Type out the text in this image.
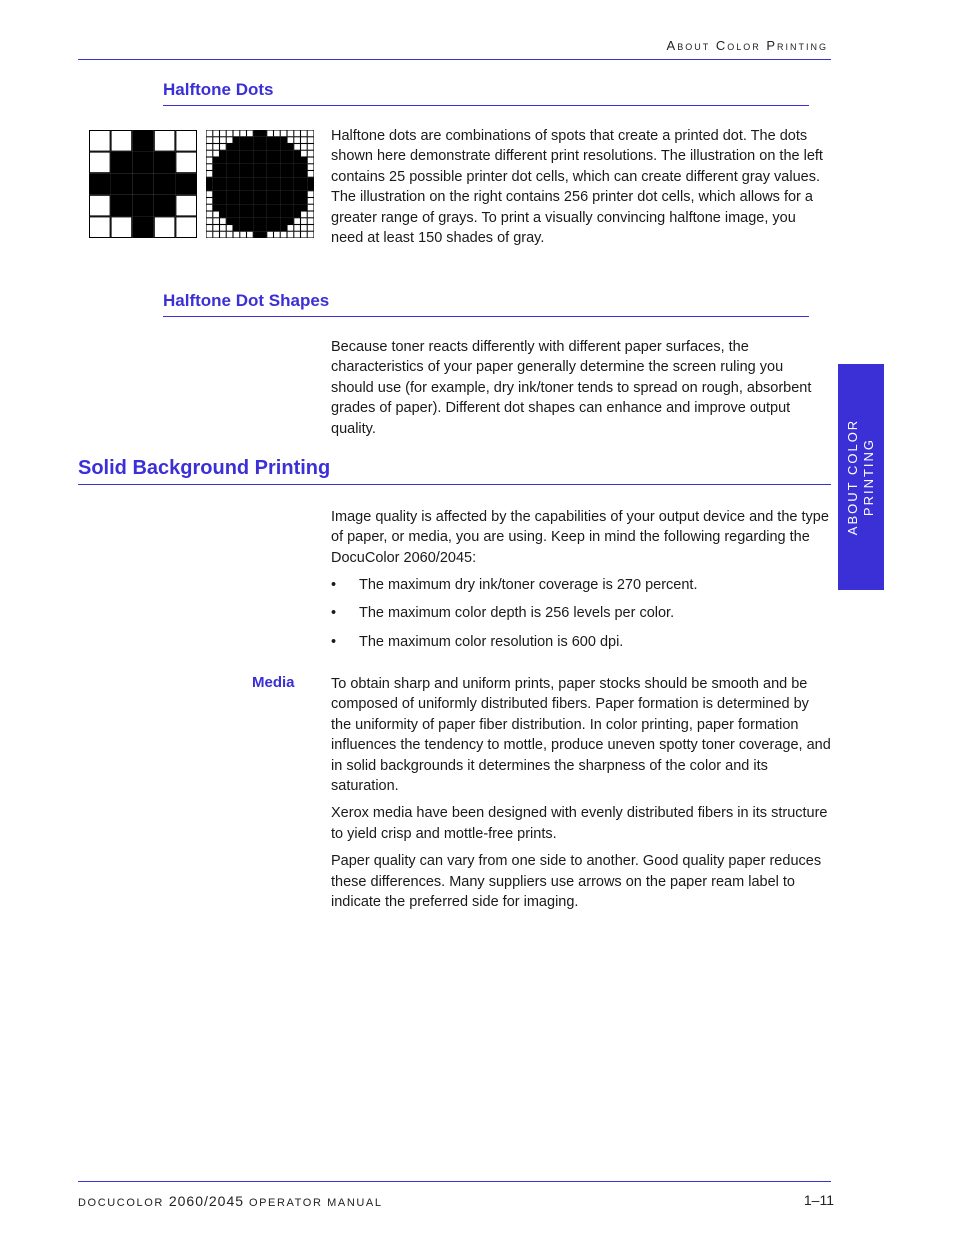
About Color Printing
Halftone Dots

Halftone dots are combinations of spots that create a printed dot. The dots shown here demonstrate different print resolutions. The illustration on the left contains 25 possible printer dot cells, which can create different gray values. The illustration on the right contains 256 printer dot cells, which allows for a greater range of grays. To print a visually convincing halftone image, you need at least 150 shades of gray.

Halftone Dot Shapes

Because toner reacts differently with different paper surfaces, the characteristics of your paper generally determine the screen ruling you should use (for example, dry ink/toner tends to spread on rough, absorbent grades of paper). Different dot shapes can enhance and improve output quality.

Solid Background Printing

Image quality is affected by the capabilities of your output device and the type of paper, or media, you are using. Keep in mind the following regarding the DocuColor 2060/2045:

• The maximum dry ink/toner coverage is 270 percent.
• The maximum color depth is 256 levels per color.
• The maximum color resolution is 600 dpi.
Media	To obtain sharp and uniform prints, paper stocks should be smooth and be composed of uniformly distributed fibers. Paper formation is determined by the uniformity of paper fiber distribution. In color printing, paper formation influences the tendency to mottle, produce uneven spotty toner coverage, and in solid backgrounds it determines the sharpness of the color and its saturation.

Xerox media have been designed with evenly distributed fibers in its structure to yield crisp and mottle-free prints.

Paper quality can vary from one side to another. Good quality paper reduces these differences. Many suppliers use arrows on the paper ream label to indicate the preferred side for imaging.

ABOUT COLOR PRINTING
DOCUCOLOR 2060/2045 OPERATOR MANUAL	1–11
